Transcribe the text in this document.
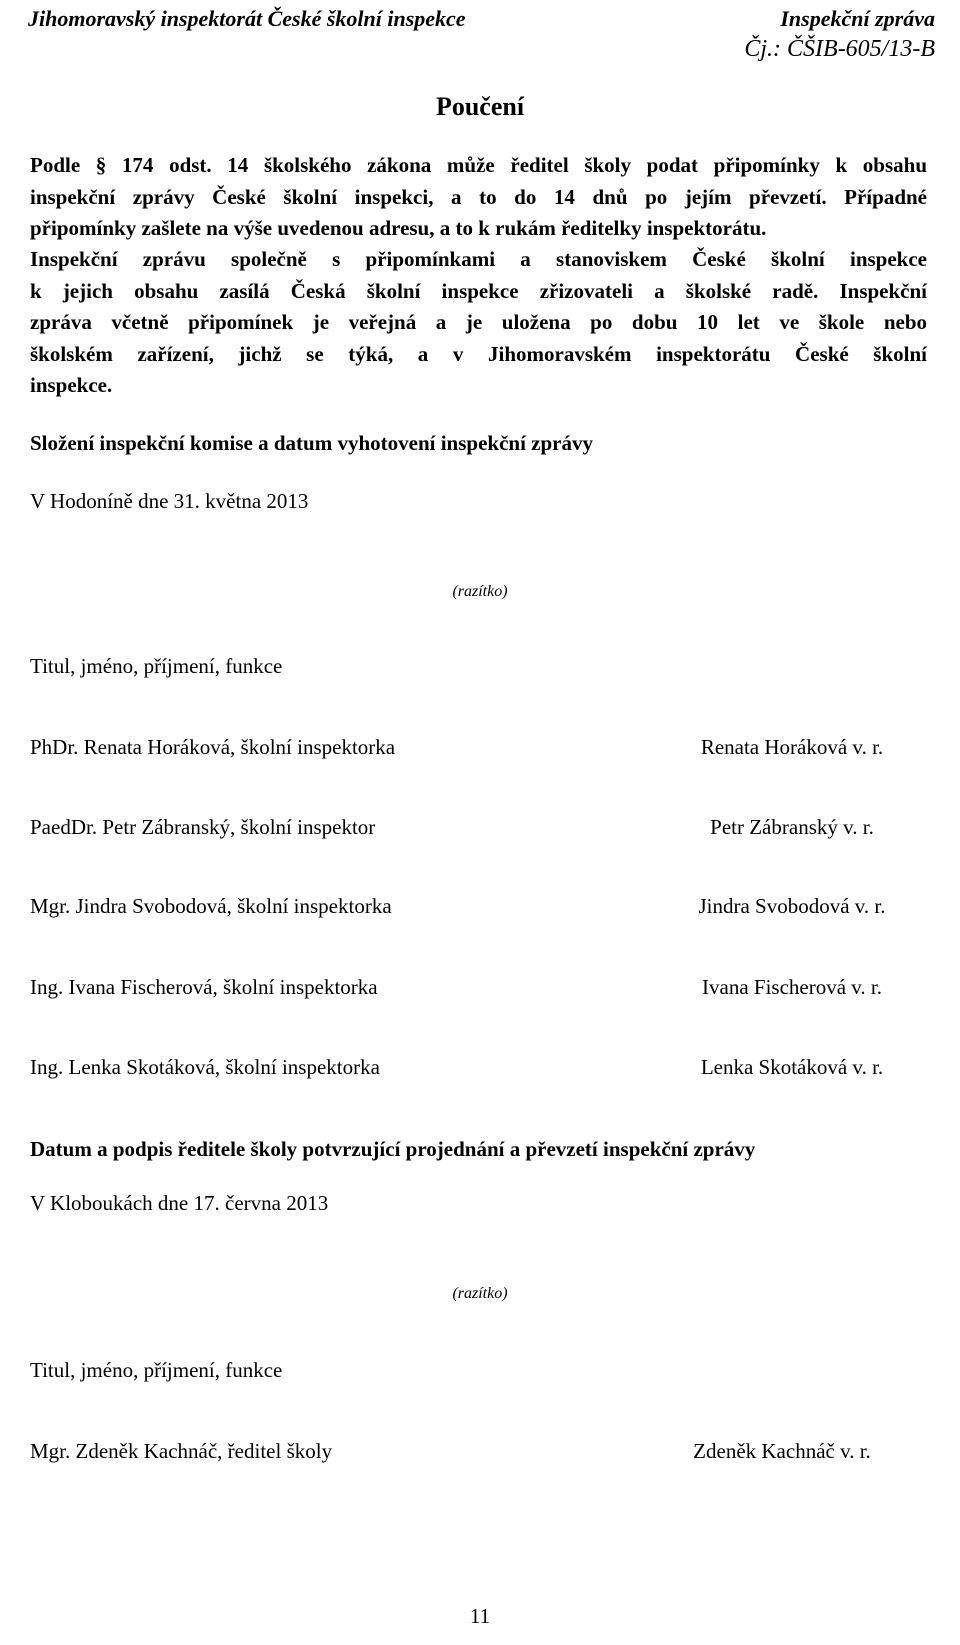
Jihomoravský inspektorát České školní inspekce	Inspekční zpráva
Čj.: ČŠIB-605/13-B
Poučení
Podle § 174 odst. 14 školského zákona může ředitel školy podat připomínky k obsahu
inspekční zprávy České školní inspekci, a to do 14 dnů po jejím převzetí. Případné
připomínky zašlete na výše uvedenou adresu, a to k rukám ředitelky inspektorátu.
Inspekční zprávu společně s připomínkami a stanoviskem České školní inspekce
k jejich obsahu zasílá Česká školní inspekce zřizovateli a školské radě. Inspekční
zpráva včetně připomínek je veřejná a je uložena po dobu 10 let ve škole nebo
školském zařízení, jichž se týká, a v Jihomoravském inspektorátu České školní
inspekce.
Složení inspekční komise a datum vyhotovení inspekční zprávy
V Hodoníně dne 31. května 2013
(razítko)
Titul, jméno, příjmení, funkce
PhDr. Renata Horáková, školní inspektorka	Renata Horáková v. r.
PaedDr. Petr Zábranský, školní inspektor	Petr Zábranský v. r.
Mgr. Jindra Svobodová, školní inspektorka	Jindra Svobodová v. r.
Ing. Ivana Fischerová, školní inspektorka	Ivana Fischerová v. r.
Ing. Lenka Skotáková, školní inspektorka	Lenka Skotáková v. r.
Datum a podpis ředitele školy potvrzující projednání a převzetí inspekční zprávy
V Kloboukách dne 17. června 2013
(razítko)
Titul, jméno, příjmení, funkce
Mgr. Zdeněk Kachnáč, ředitel školy	Zdeněk Kachnáč v. r.
11
